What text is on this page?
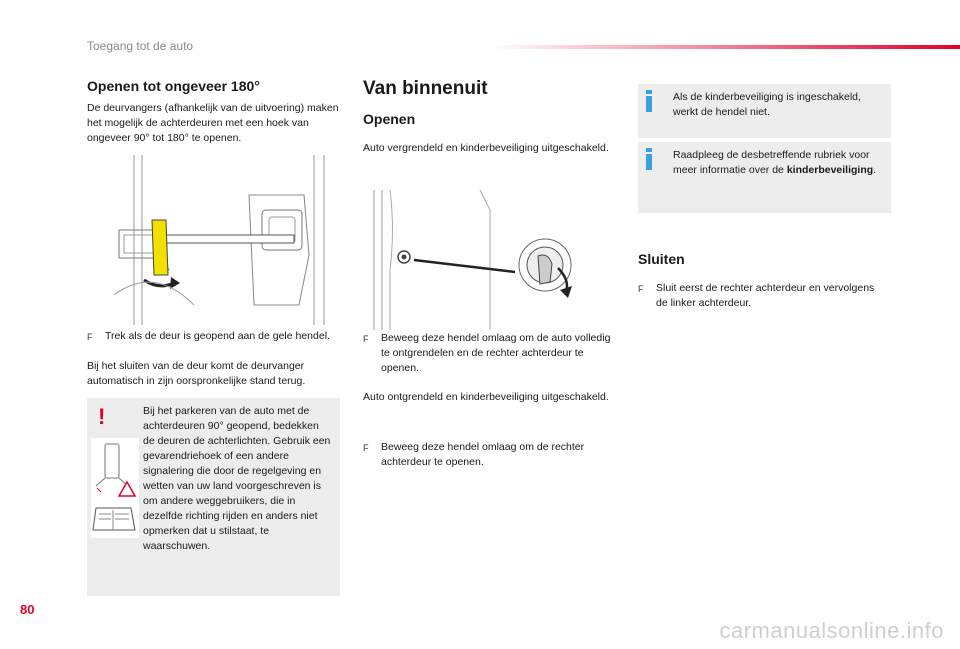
Toegang tot de auto
Openen tot ongeveer 180°
De deurvangers (afhankelijk van de uitvoering) maken het mogelijk de achterdeuren met een hoek van ongeveer 90° tot 180° te openen.
F	Trek als de deur is geopend aan de gele hendel.
Bij het sluiten van de deur komt de deurvanger automatisch in zijn oorspronkelijke stand terug.
!	Bij het parkeren van de auto met de achterdeuren 90° geopend, bedekken de deuren de achterlichten. Gebruik een gevarendriehoek of een andere signalering die door de regelgeving en wetten van uw land voorgeschreven is om andere weggebruikers, die in dezelfde richting rijden en anders niet opmerken dat u stilstaat, te waarschuwen.
Van binnenuit
Openen
Auto vergrendeld en kinderbeveiliging uitgeschakeld.
F	Beweeg deze hendel omlaag om de auto volledig te ontgrendelen en de rechter achterdeur te openen.
Auto ontgrendeld en kinderbeveiliging uitgeschakeld.
F	Beweeg deze hendel omlaag om de rechter achterdeur te openen.
Als de kinderbeveiliging is ingeschakeld, werkt de hendel niet.
Raadpleeg de desbetreffende rubriek voor meer informatie over de kinderbeveiliging.
Sluiten
F	Sluit eerst de rechter achterdeur en vervolgens de linker achterdeur.
80
carmanualsonline.info
